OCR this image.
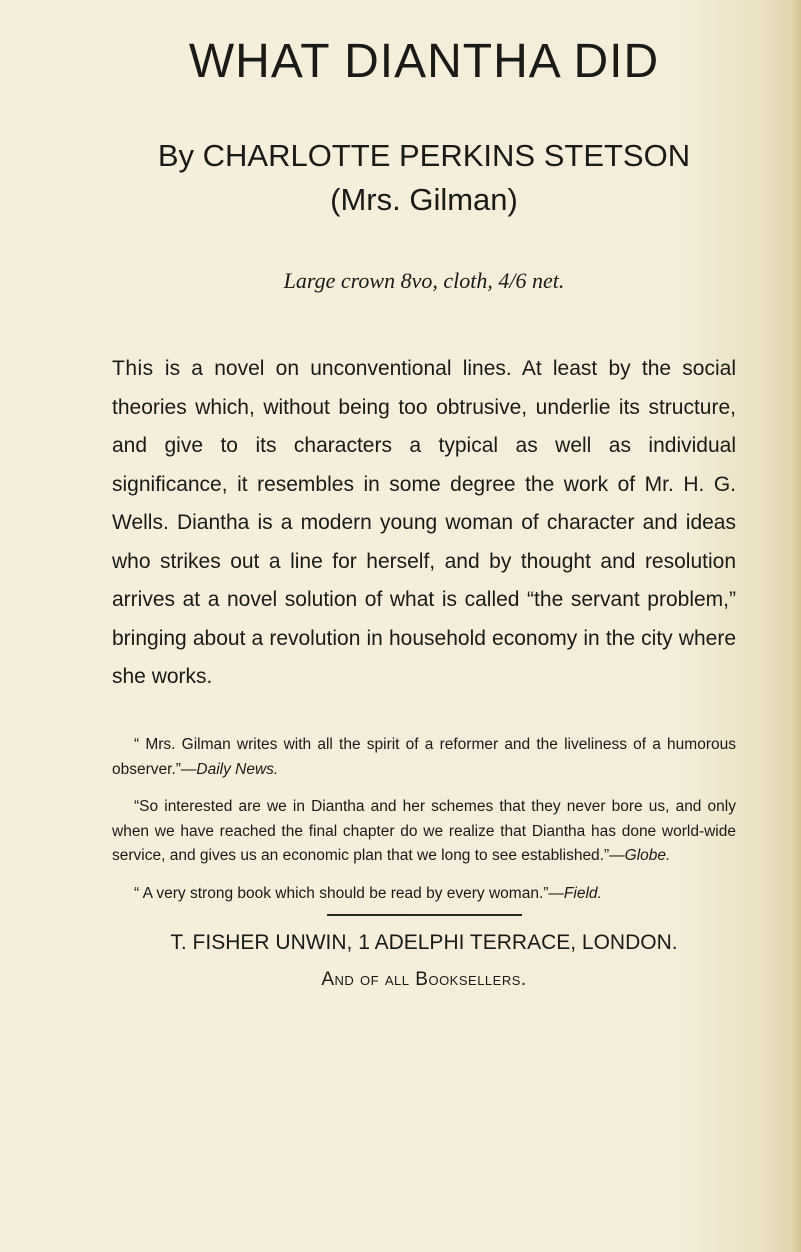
WHAT DIANTHA DID
By CHARLOTTE PERKINS STETSON
(Mrs. Gilman)
Large crown 8vo, cloth, 4/6 net.

This is a novel on unconventional lines. At least by the social theories which, without being too obtrusive, underlie its structure, and give to its characters a typical as well as individual significance, it resembles in some degree the work of Mr. H. G. Wells. Diantha is a modern young woman of character and ideas who strikes out a line for herself, and by thought and resolution arrives at a novel solution of what is called “the servant problem,” bringing about a revolution in household economy in the city where she works.

“ Mrs. Gilman writes with all the spirit of a reformer and the liveliness of a humorous observer.”—Daily News.

“So interested are we in Diantha and her schemes that they never bore us, and only when we have reached the final chapter do we realize that Diantha has done world-wide service, and gives us an economic plan that we long to see established.”—Globe.

“ A very strong book which should be read by every woman.”—Field.

T. FISHER UNWIN, 1 ADELPHI TERRACE, LONDON.
And of all Booksellers.
